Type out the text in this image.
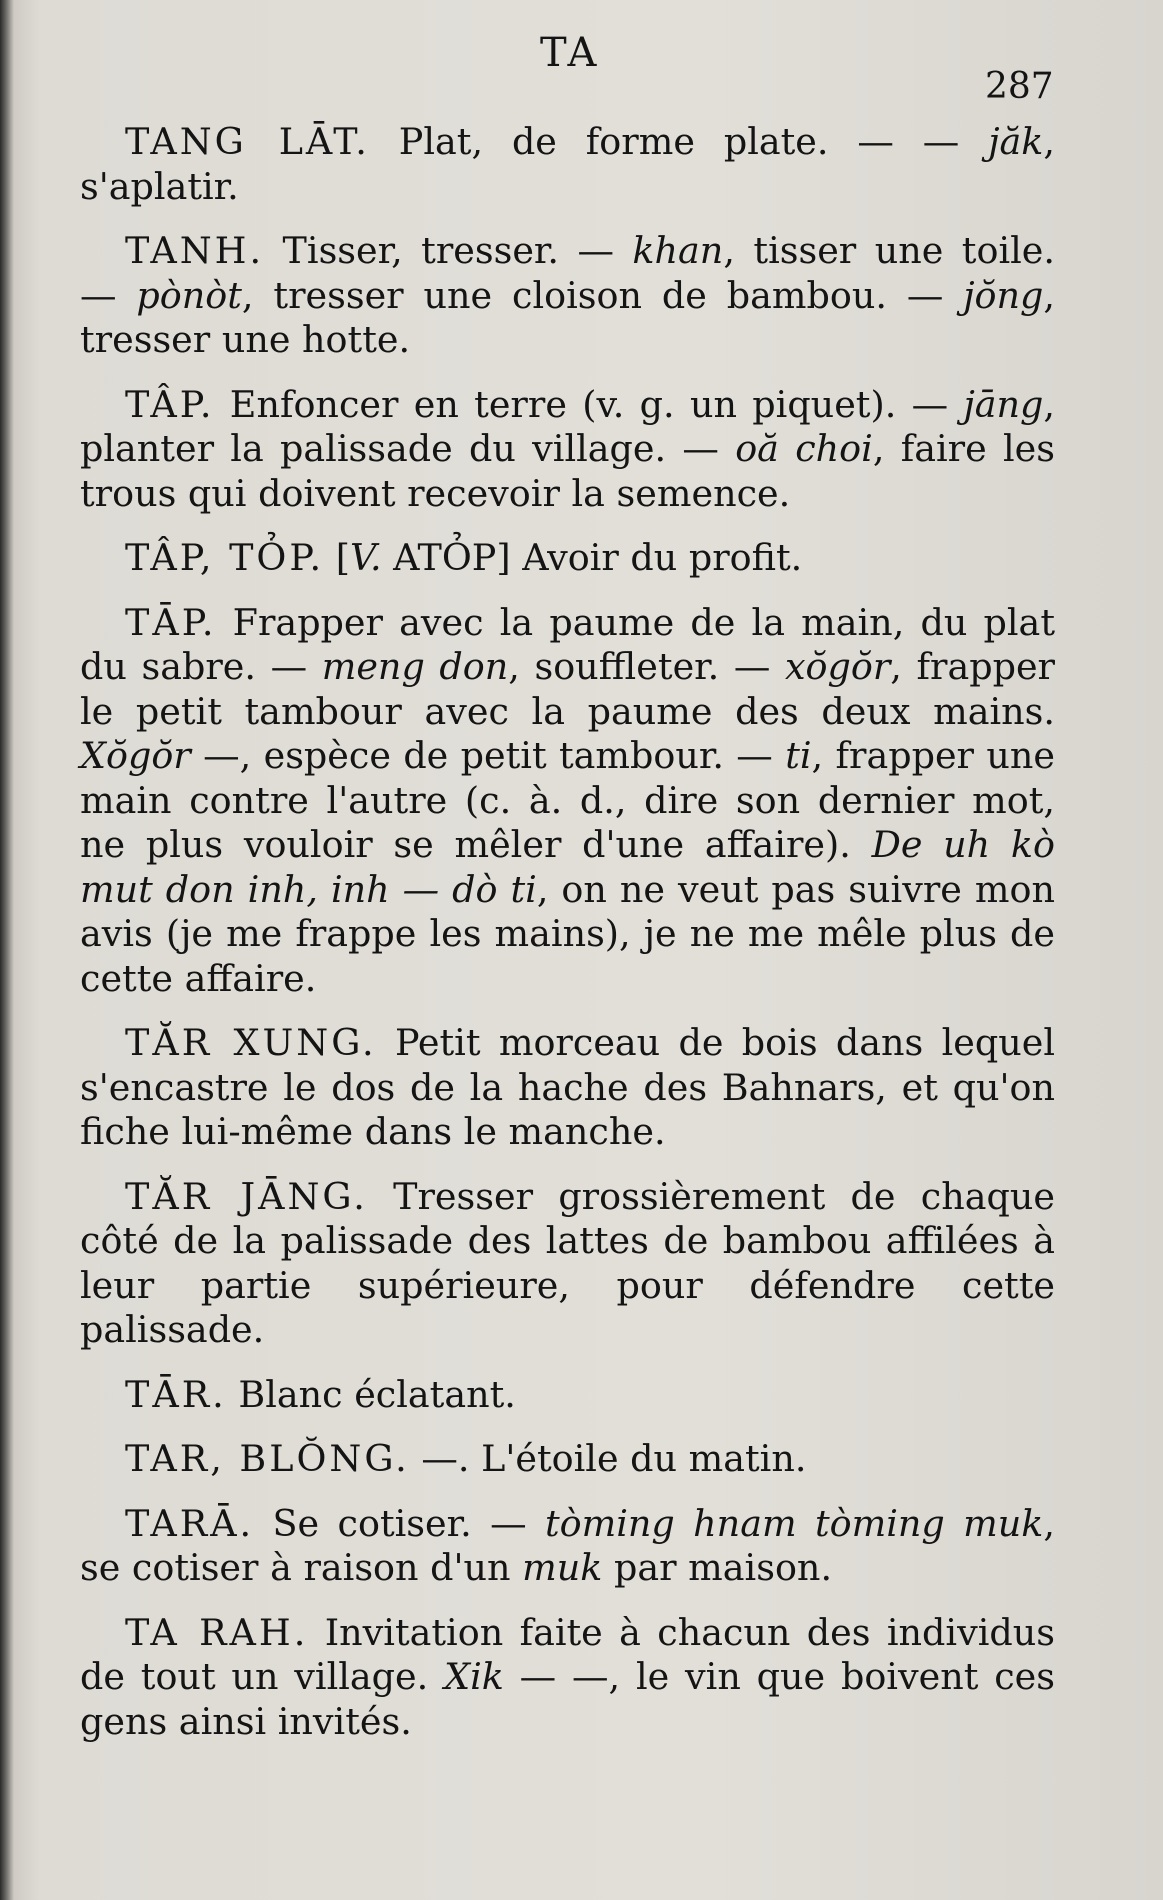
TA
287

TANG LĀT. Plat, de forme plate. — — jăk, s'aplatir.

TANH. Tisser, tresser. — khan, tisser une toile. — pònòt, tresser une cloison de bambou. — jŏng, tresser une hotte.

TÂP. Enfoncer en terre (v. g. un piquet). — jāng, planter la palissade du village. — oă choi, faire les trous qui doivent recevoir la semence.

TÂP, TỎP. [V. ATỎP] Avoir du profit.

TĀP. Frapper avec la paume de la main, du plat du sabre. — meng don, souffleter. — xŏgŏr, frapper le petit tambour avec la paume des deux mains. Xŏgŏr —, espèce de petit tambour. — ti, frapper une main contre l'autre (c. à. d., dire son dernier mot, ne plus vouloir se mêler d'une affaire). De uh kò mut don inh, inh — dò ti, on ne veut pas suivre mon avis (je me frappe les mains), je ne me mêle plus de cette affaire.

TĂR XUNG. Petit morceau de bois dans lequel s'encastre le dos de la hache des Bahnars, et qu'on fiche lui-même dans le manche.

TĂR JĀNG. Tresser grossièrement de chaque côté de la palissade des lattes de bambou affilées à leur partie supérieure, pour défendre cette palissade.

TĀR. Blanc éclatant.

TAR, BLŎNG. —. L'étoile du matin.

TARĀ. Se cotiser. — tòming hnam tòming muk, se cotiser à raison d'un muk par maison.

TA RAH. Invitation faite à chacun des individus de tout un village. Xik — —, le vin que boivent ces gens ainsi invités.
